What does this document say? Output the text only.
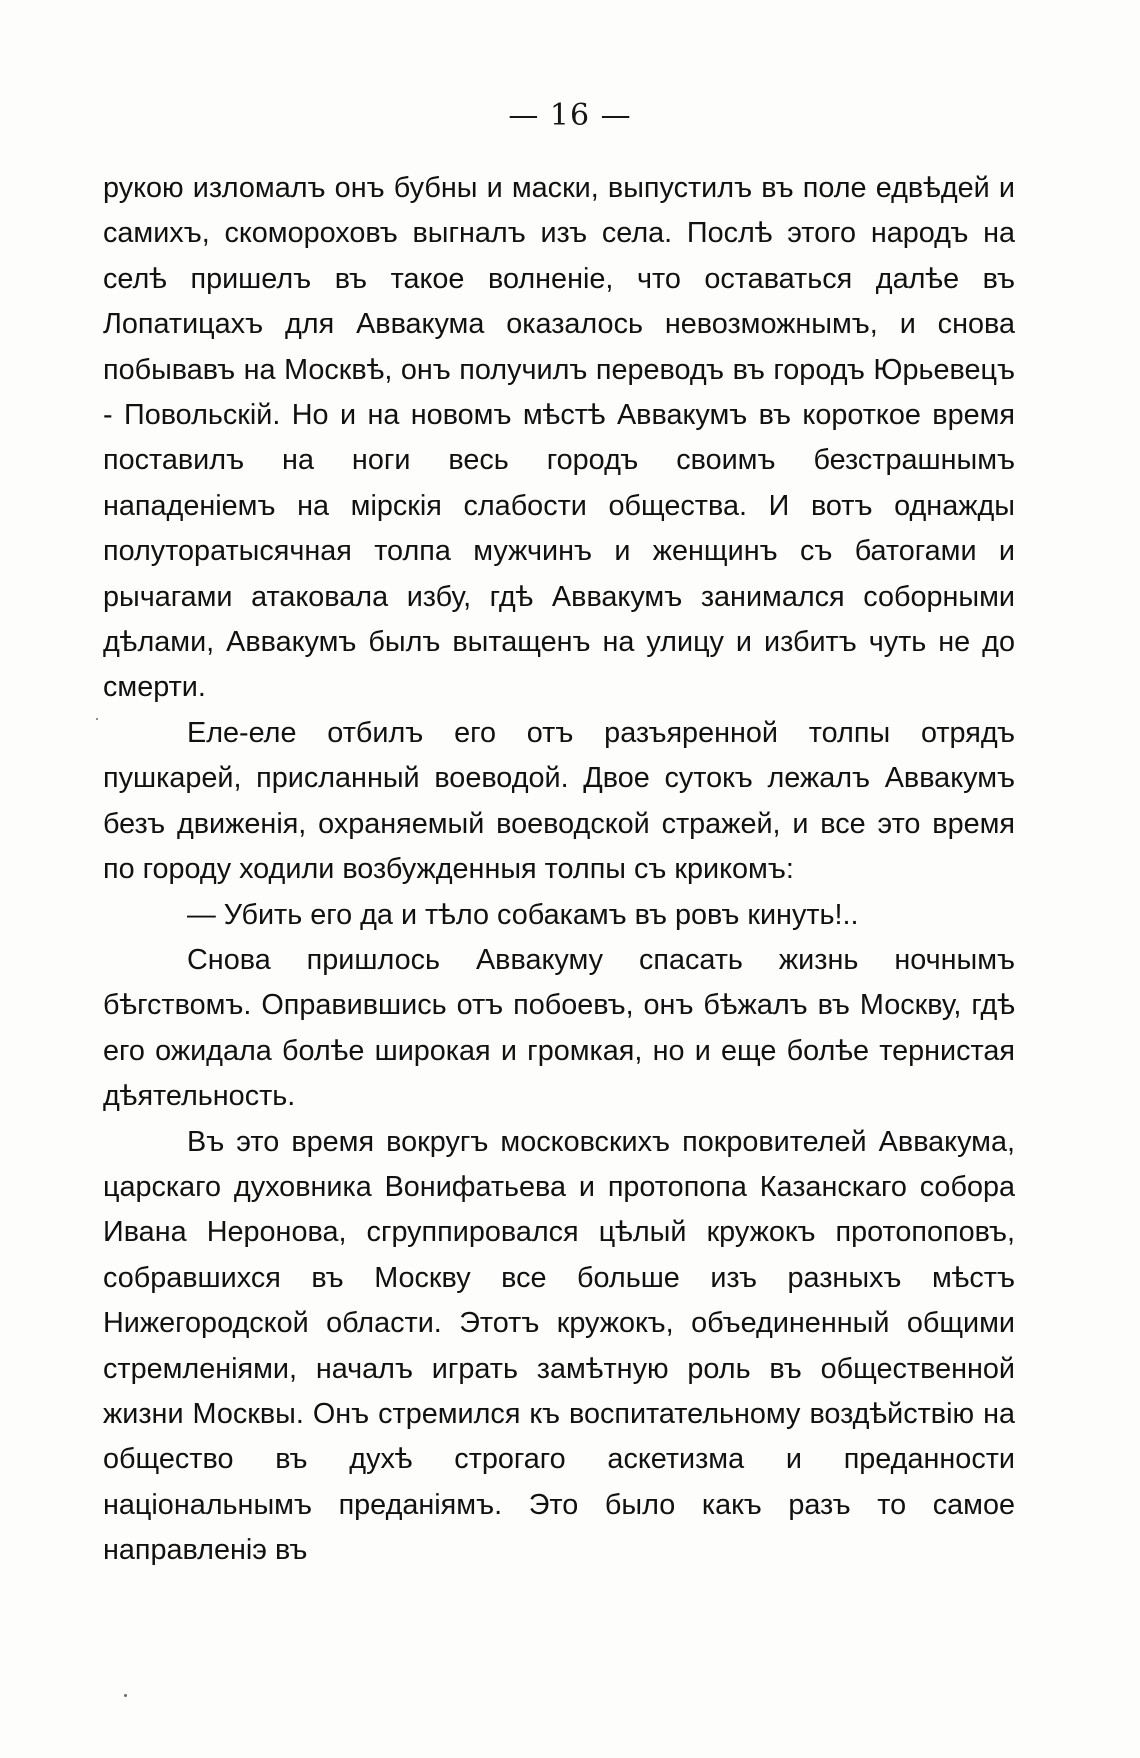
— 16 —

рукою изломалъ онъ бубны и маски, выпустилъ въ поле едвѣдей и самихъ, скомороховъ выгналъ изъ села. Послѣ этого народъ на селѣ пришелъ въ такое волненіе, что оставаться далѣе въ Лопатицахъ для Аввакума оказалось невозможнымъ, и снова побывавъ на Москвѣ, онъ получилъ переводъ въ городъ Юрьевецъ - Повольскій. Но и на новомъ мѣстѣ Аввакумъ въ короткое время поставилъ на ноги весь городъ своимъ безстрашнымъ нападеніемъ на мірскія слабости общества. И вотъ однажды полуторатысячная толпа мужчинъ и женщинъ съ батогами и рычагами атаковала избу, гдѣ Аввакумъ занимался соборными дѣлами, Аввакумъ былъ вытащенъ на улицу и избитъ чуть не до смерти.

Еле-еле отбилъ его отъ разъяренной толпы отрядъ пушкарей, присланный воеводой. Двое сутокъ лежалъ Аввакумъ безъ движенія, охраняемый воеводской стражей, и все это время по городу ходили возбужденныя толпы съ крикомъ:

— Убить его да и тѣло собакамъ въ ровъ кинуть!..

Снова пришлось Аввакуму спасать жизнь ночнымъ бѣгствомъ. Оправившись отъ побоевъ, онъ бѣжалъ въ Москву, гдѣ его ожидала болѣе широкая и громкая, но и еще болѣе тернистая дѣятельность.

Въ это время вокругъ московскихъ покровителей Аввакума, царскаго духовника Вонифатьева и протопопа Казанскаго собора Ивана Неронова, сгруппировался цѣлый кружокъ протопоповъ, собравшихся въ Москву все больше изъ разныхъ мѣстъ Нижегородской области. Этотъ кружокъ, объединенный общими стремленіями, началъ играть замѣтную роль въ общественной жизни Москвы. Онъ стремился къ воспитательному воздѣйствію на общество въ духѣ строгаго аскетизма и преданности національнымъ преданіямъ. Это было какъ разъ то самое направленіэ въ
